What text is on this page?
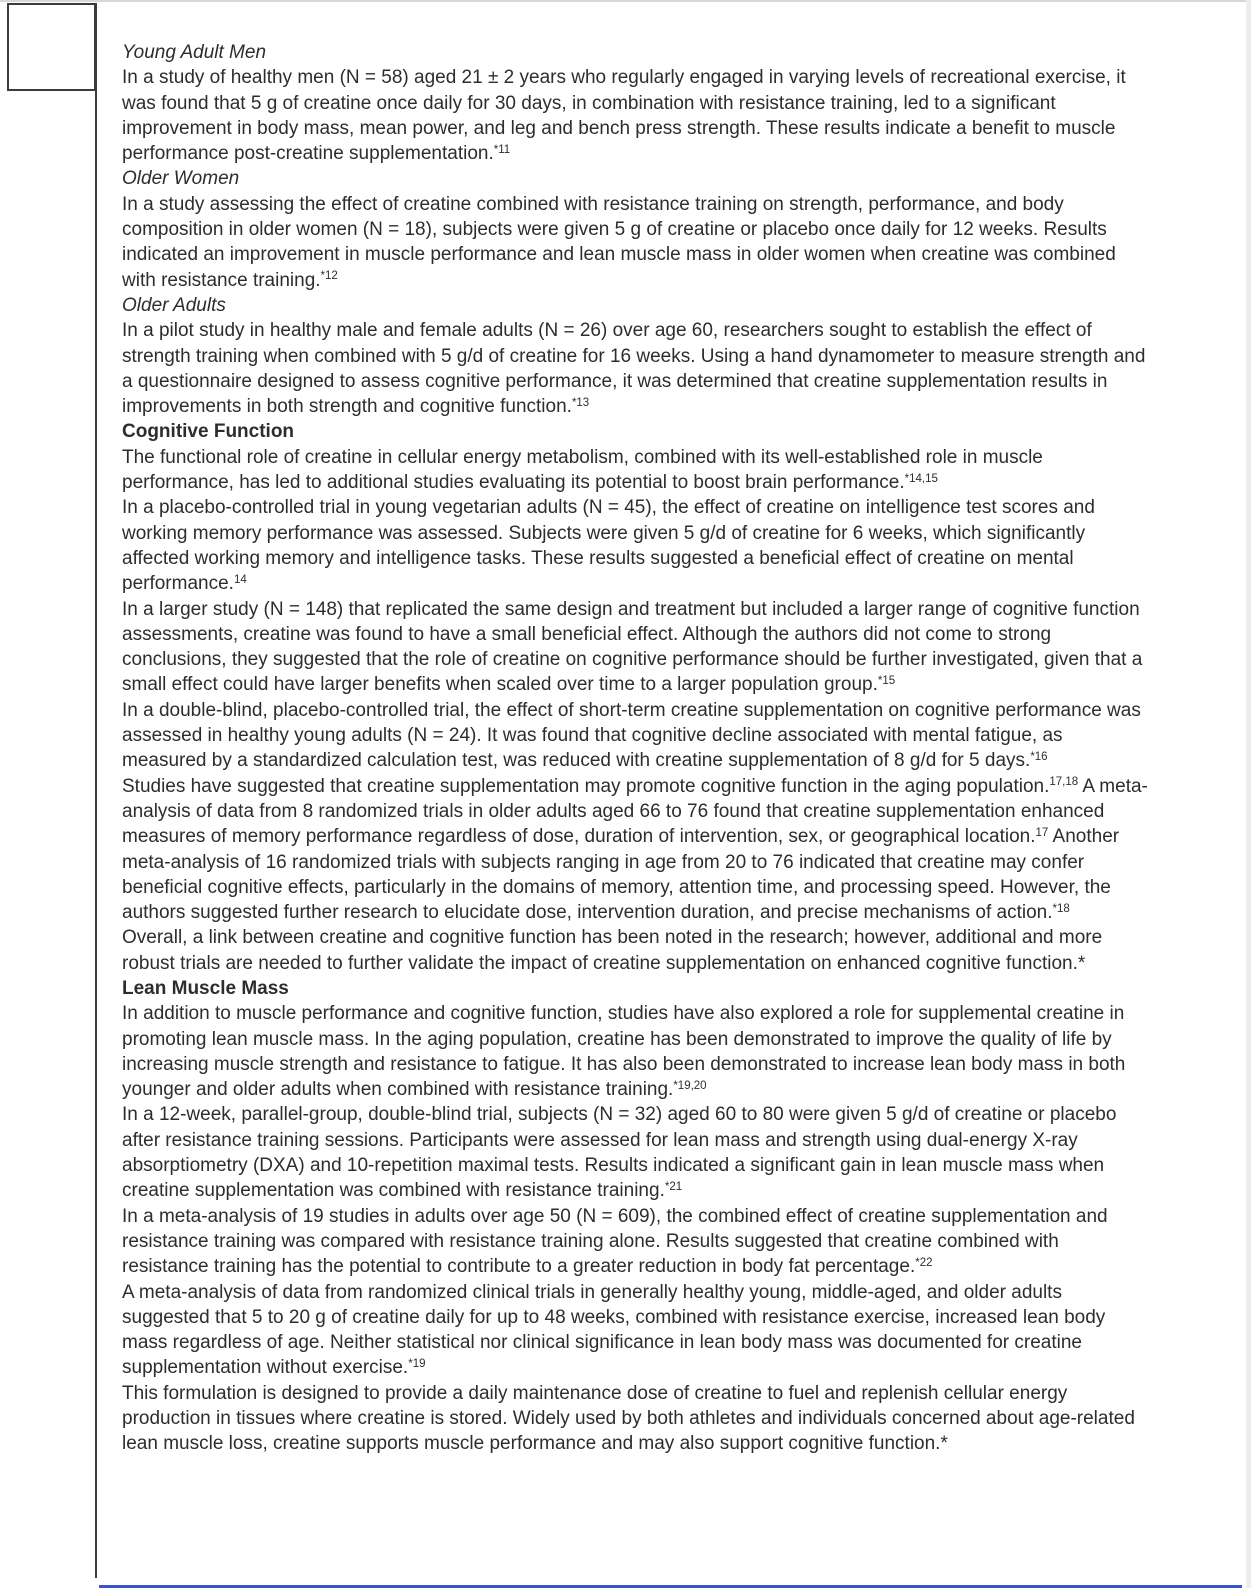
Young Adult Men

In a study of healthy men (N = 58) aged 21 ± 2 years who regularly engaged in varying levels of recreational exercise, it was found that 5 g of creatine once daily for 30 days, in combination with resistance training, led to a significant improvement in body mass, mean power, and leg and bench press strength. These results indicate a benefit to muscle performance post-creatine supplementation.$^{*11}$

Older Women

In a study assessing the effect of creatine combined with resistance training on strength, performance, and body composition in older women (N = 18), subjects were given 5 g of creatine or placebo once daily for 12 weeks. Results indicated an improvement in muscle performance and lean muscle mass in older women when creatine was combined with resistance training.$^{*12}$

Older Adults

In a pilot study in healthy male and female adults (N = 26) over age 60, researchers sought to establish the effect of strength training when combined with 5 g/d of creatine for 16 weeks. Using a hand dynamometer to measure strength and a questionnaire designed to assess cognitive performance, it was determined that creatine supplementation results in improvements in both strength and cognitive function.$^{*13}$

Cognitive Function

The functional role of creatine in cellular energy metabolism, combined with its well-established role in muscle performance, has led to additional studies evaluating its potential to boost brain performance.$^{*14,15}$

In a placebo-controlled trial in young vegetarian adults (N = 45), the effect of creatine on intelligence test scores and working memory performance was assessed. Subjects were given 5 g/d of creatine for 6 weeks, which significantly affected working memory and intelligence tasks. These results suggested a beneficial effect of creatine on mental performance.$^{14}$

In a larger study (N = 148) that replicated the same design and treatment but included a larger range of cognitive function assessments, creatine was found to have a small beneficial effect. Although the authors did not come to strong conclusions, they suggested that the role of creatine on cognitive performance should be further investigated, given that a small effect could have larger benefits when scaled over time to a larger population group.$^{*15}$

In a double-blind, placebo-controlled trial, the effect of short-term creatine supplementation on cognitive performance was assessed in healthy young adults (N = 24). It was found that cognitive decline associated with mental fatigue, as measured by a standardized calculation test, was reduced with creatine supplementation of 8 g/d for 5 days.$^{*16}$

Studies have suggested that creatine supplementation may promote cognitive function in the aging population.$^{17,18}$ A meta-analysis of data from 8 randomized trials in older adults aged 66 to 76 found that creatine supplementation enhanced measures of memory performance regardless of dose, duration of intervention, sex, or geographical location.$^{17}$ Another meta-analysis of 16 randomized trials with subjects ranging in age from 20 to 76 indicated that creatine may confer beneficial cognitive effects, particularly in the domains of memory, attention time, and processing speed. However, the authors suggested further research to elucidate dose, intervention duration, and precise mechanisms of action.$^{*18}$

Overall, a link between creatine and cognitive function has been noted in the research; however, additional and more robust trials are needed to further validate the impact of creatine supplementation on enhanced cognitive function.*

Lean Muscle Mass

In addition to muscle performance and cognitive function, studies have also explored a role for supplemental creatine in promoting lean muscle mass. In the aging population, creatine has been demonstrated to improve the quality of life by increasing muscle strength and resistance to fatigue. It has also been demonstrated to increase lean body mass in both younger and older adults when combined with resistance training.$^{*19,20}$

In a 12-week, parallel-group, double-blind trial, subjects (N = 32) aged 60 to 80 were given 5 g/d of creatine or placebo after resistance training sessions. Participants were assessed for lean mass and strength using dual-energy X-ray absorptiometry (DXA) and 10-repetition maximal tests. Results indicated a significant gain in lean muscle mass when creatine supplementation was combined with resistance training.$^{*21}$

In a meta-analysis of 19 studies in adults over age 50 (N = 609), the combined effect of creatine supplementation and resistance training was compared with resistance training alone. Results suggested that creatine combined with resistance training has the potential to contribute to a greater reduction in body fat percentage.$^{*22}$

A meta-analysis of data from randomized clinical trials in generally healthy young, middle-aged, and older adults suggested that 5 to 20 g of creatine daily for up to 48 weeks, combined with resistance exercise, increased lean body mass regardless of age. Neither statistical nor clinical significance in lean body mass was documented for creatine supplementation without exercise.$^{*19}$

This formulation is designed to provide a daily maintenance dose of creatine to fuel and replenish cellular energy production in tissues where creatine is stored. Widely used by both athletes and individuals concerned about age-related lean muscle loss, creatine supports muscle performance and may also support cognitive function.*
